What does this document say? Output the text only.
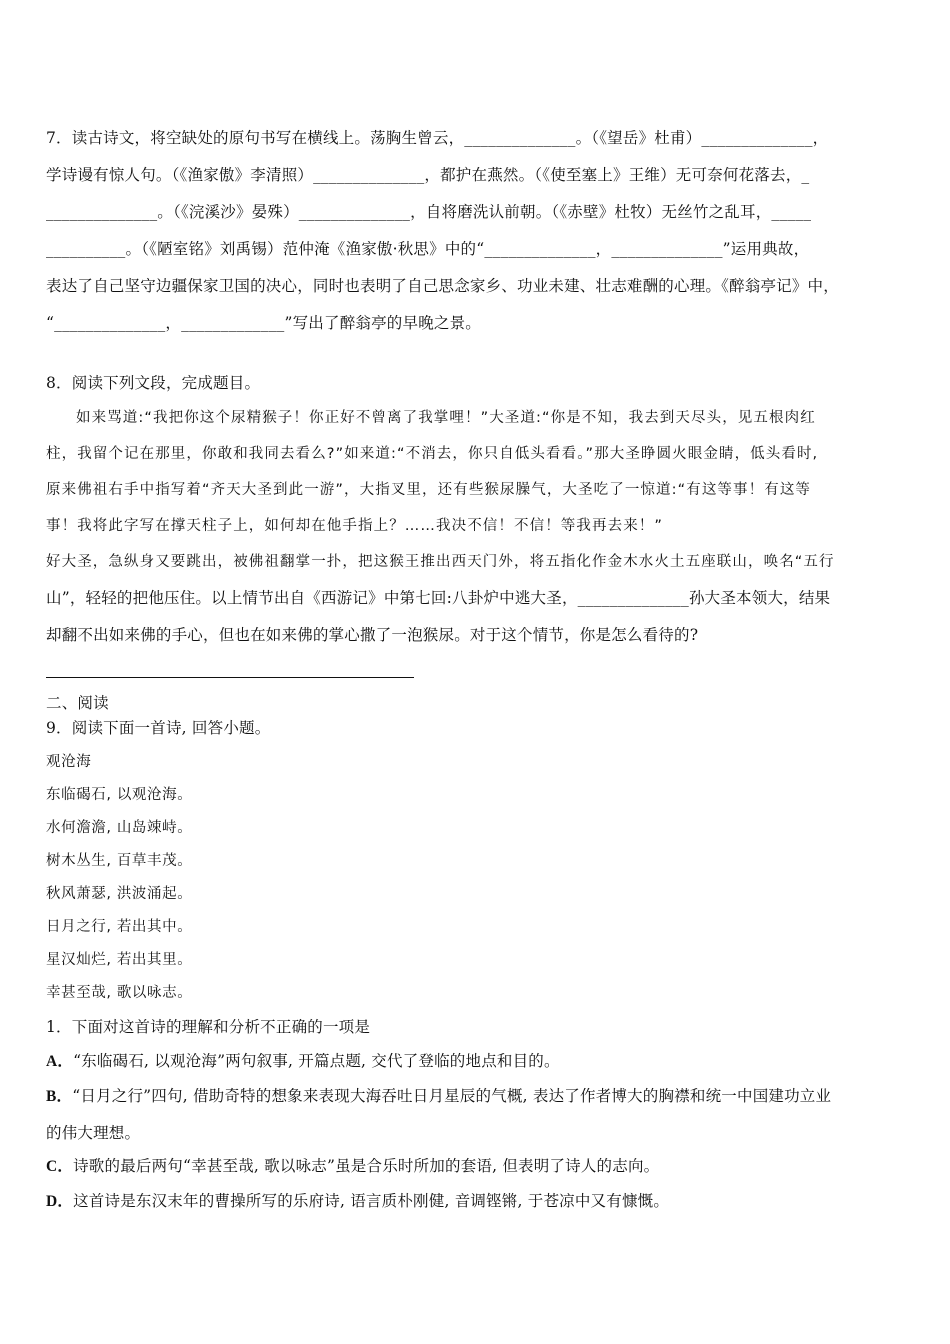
7．读古诗文，将空缺处的原句书写在横线上。荡胸生曾云，______________。（《望岳》杜甫）______________，
学诗谩有惊人句。（《渔家傲》李清照）______________，都护在燕然。（《使至塞上》王维）无可奈何花落去，_
______________。（《浣溪沙》晏殊）______________，自将磨洗认前朝。（《赤壁》杜牧）无丝竹之乱耳，_____
__________。（《陋室铭》刘禹锡）范仲淹《渔家傲·秋思》中的“______________，______________”运用典故，
表达了自己坚守边疆保家卫国的决心，同时也表明了自己思念家乡、功业未建、壮志难酬的心理。《醉翁亭记》中，
“______________，_____________”写出了醉翁亭的早晚之景。
8．阅读下列文段，完成题目。
如来骂道:“我把你这个尿精猴子！你正好不曾离了我掌哩！”大圣道:“你是不知，我去到天尽头，见五根肉红
柱，我留个记在那里，你敢和我同去看么?”如来道:“不消去，你只自低头看看。”那大圣睁圆火眼金睛，低头看时,
原来佛祖右手中指写着“齐天大圣到此一游”，大指叉里，还有些猴尿臊气，大圣吃了一惊道:“有这等事！有这等
事！我将此字写在撑天柱子上，如何却在他手指上？……我决不信！不信！等我再去来！”
好大圣，急纵身又要跳出，被佛祖翻掌一扑，把这猴王推出西天门外，将五指化作金木水火土五座联山，唤名“五行
山”，轻轻的把他压住。以上情节出自《西游记》中第七回:八卦炉中逃大圣，______________孙大圣本领大，结果
却翻不出如来佛的手心，但也在如来佛的掌心撒了一泡猴尿。对于这个情节，你是怎么看待的?
二、阅读
9．阅读下面一首诗, 回答小题。
观沧海
东临碣石, 以观沧海。
水何澹澹, 山岛竦峙。
树木丛生, 百草丰茂。
秋风萧瑟, 洪波涌起。
日月之行, 若出其中。
星汉灿烂, 若出其里。
幸甚至哉, 歌以咏志。
1．下面对这首诗的理解和分析不正确的一项是
A．“东临碣石, 以观沧海”两句叙事, 开篇点题, 交代了登临的地点和目的。
B．“日月之行”四句, 借助奇特的想象来表现大海吞吐日月星辰的气概, 表达了作者博大的胸襟和统一中国建功立业
的伟大理想。
C．诗歌的最后两句“幸甚至哉, 歌以咏志”虽是合乐时所加的套语, 但表明了诗人的志向。
D．这首诗是东汉末年的曹操所写的乐府诗, 语言质朴刚健, 音调铿锵, 于苍凉中又有慷慨。
